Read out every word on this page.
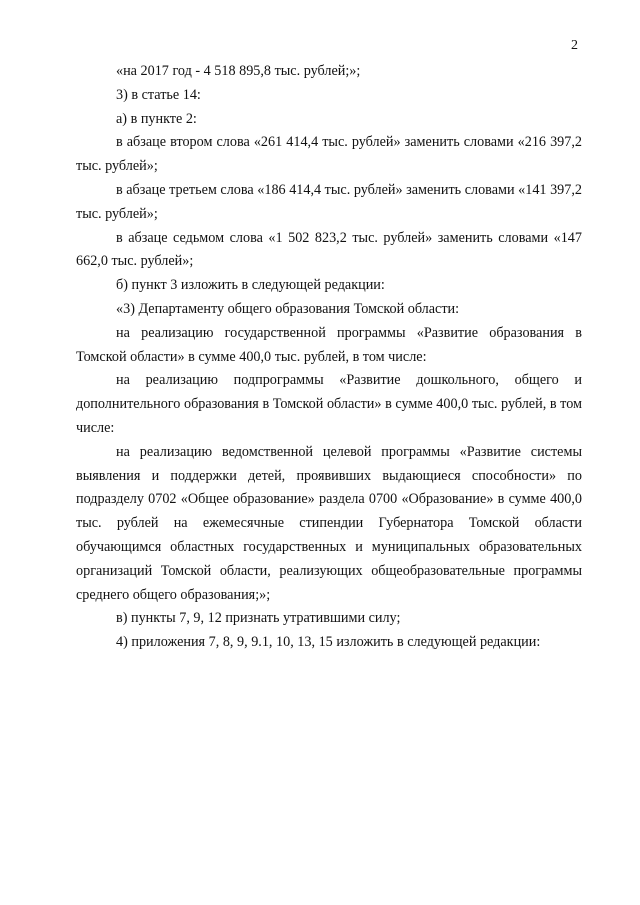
2

«на 2017 год - 4 518 895,8 тыс. рублей;»;

3) в статье 14:

а) в пункте 2:

в абзаце втором слова «261 414,4 тыс. рублей» заменить словами «216 397,2 тыс. рублей»;

в абзаце третьем слова «186 414,4 тыс. рублей» заменить словами «141 397,2 тыс. рублей»;

в абзаце седьмом слова «1 502 823,2 тыс. рублей» заменить словами «147 662,0 тыс. рублей»;

б) пункт 3 изложить в следующей редакции:

«3) Департаменту общего образования Томской области:

на реализацию государственной программы «Развитие образования в Томской области» в сумме 400,0 тыс. рублей, в том числе:

на реализацию подпрограммы «Развитие дошкольного, общего и дополнительного образования в Томской области» в сумме 400,0 тыс. рублей, в том числе:

на реализацию ведомственной целевой программы «Развитие системы выявления и поддержки детей, проявивших выдающиеся способности» по подразделу 0702 «Общее образование» раздела 0700 «Образование» в сумме 400,0 тыс. рублей на ежемесячные стипендии Губернатора Томской области обучающимся областных государственных и муниципальных образовательных организаций Томской области, реализующих общеобразовательные программы среднего общего образования;»;

в) пункты 7, 9, 12 признать утратившими силу;

4) приложения 7, 8, 9, 9.1, 10, 13, 15 изложить в следующей редакции:
